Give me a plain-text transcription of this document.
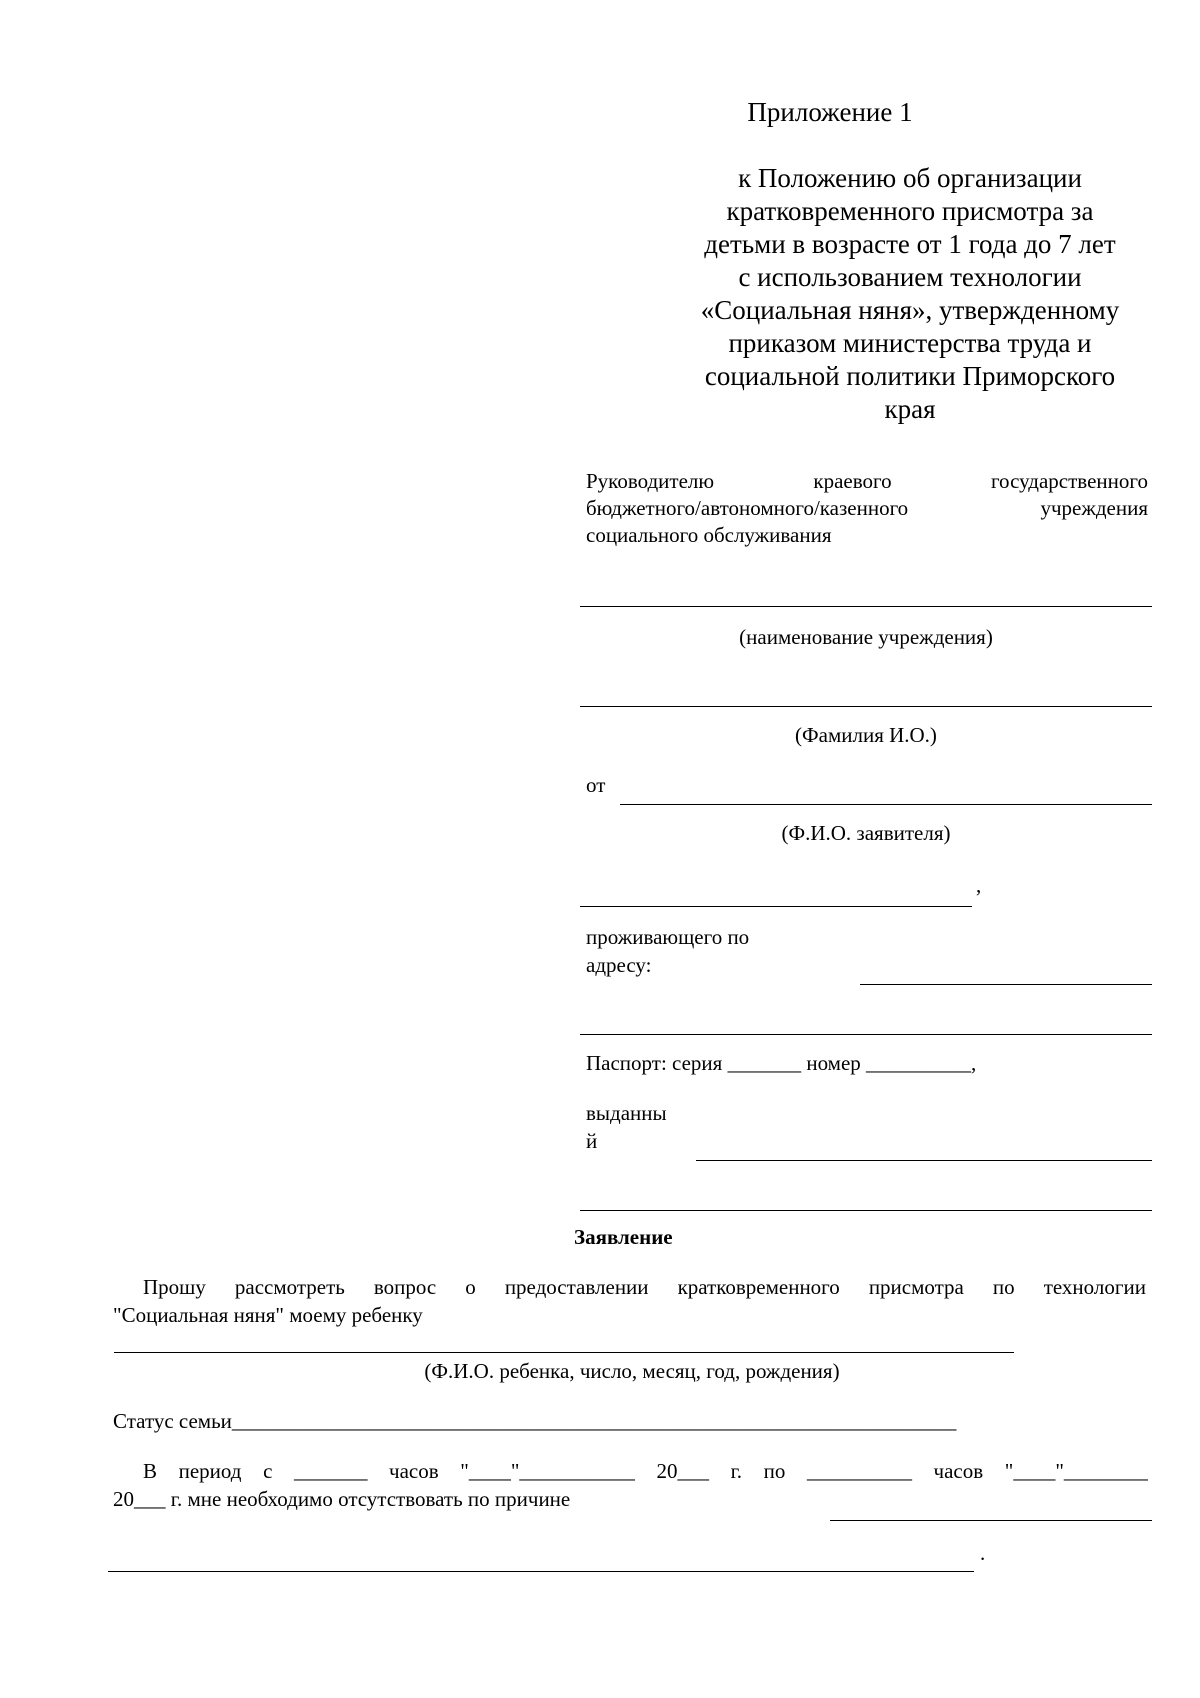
Приложение 1
к Положению об организации
кратковременного присмотра за
детьми в возрасте от 1 года до 7 лет
с использованием технологии
«Социальная няня», утвержденному
приказом министерства труда и
социальной политики Приморского
края
Руководителю	краевого	государственного
бюджетного/автономного/казенного	учреждения
социального обслуживания
(наименование учреждения)
(Фамилия И.О.)
от
(Ф.И.О. заявителя)
,
проживающего по
адресу:
Паспорт: серия _______ номер __________,
выданны
й
Заявление
Прошу рассмотреть вопрос о предоставлении кратковременного присмотра по технологии
"Социальная няня" моему ребенку
(Ф.И.О. ребенка, число, месяц, год, рождения)
Статус семьи_____________________________________________________________________
В период с _______ часов "____"___________ 20___ г. по __________ часов "____"________
20___ г. мне необходимо отсутствовать по причине
.
